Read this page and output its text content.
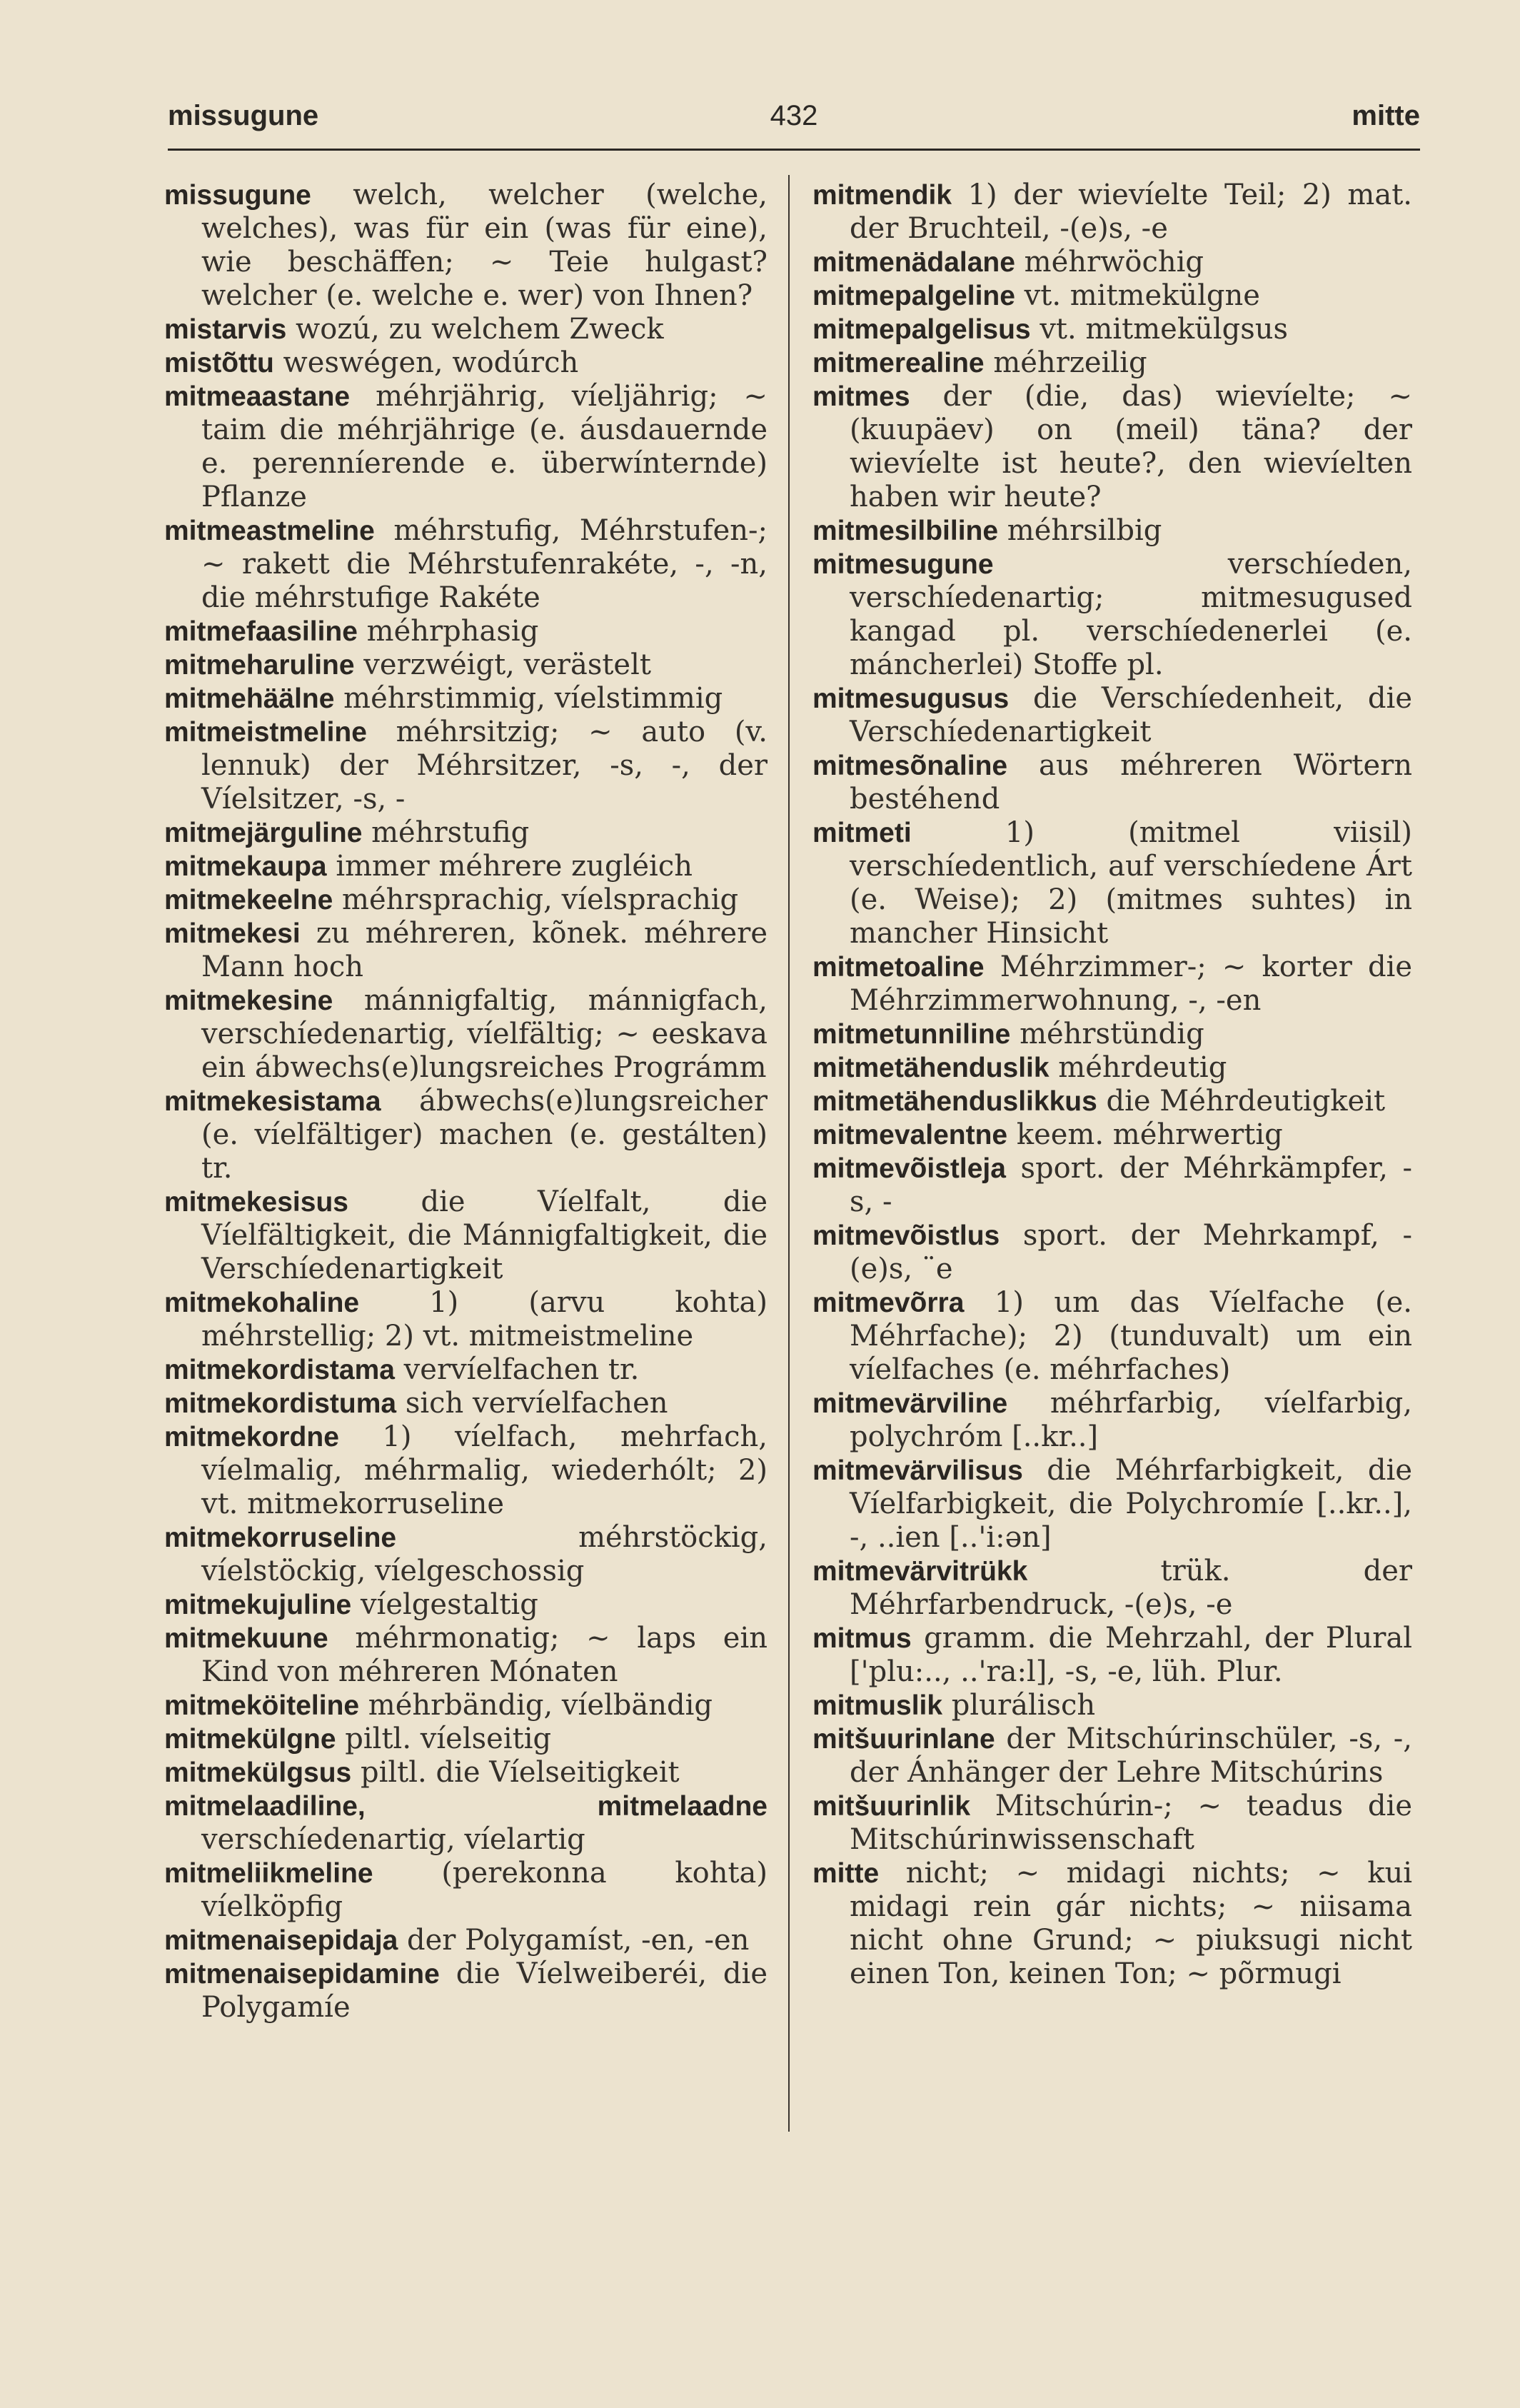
missugune	432	mitte

missugune welch, welcher (welche, welches), was für ein (was für eine), wie beschäffen; ~ Teie hulgast? welcher (e. welche e. wer) von Ihnen?

mistarvis wozú, zu welchem Zweck

mistõttu weswégen, wodúrch

mitmeaastane méhrjährig, víeljährig; ~ taim die méhrjährige (e. áusdauernde e. perenníerende e. überwínternde) Pflanze

mitmeastmeline méhrstufig, Méhrstufen-; ~ rakett die Méhrstufenrakéte, -, -n, die méhrstufige Rakéte

mitmefaasiline méhrphasig

mitmeharuline verzwéigt, verästelt

mitmehäälne méhrstimmig, víelstimmig

mitmeistmeline méhrsitzig; ~ auto (v. lennuk) der Méhrsitzer, -s, -, der Víelsitzer, -s, -

mitmejärguline méhrstufig

mitmekaupa immer méhrere zugléich

mitmekeelne méhrsprachig, víelsprachig

mitmekesi zu méhreren, kõnek. méhrere Mann hoch

mitmekesine mánnigfaltig, mánnigfach, verschíedenartig, víelfältig; ~ eeskava ein ábwechs(e)lungsreiches Prográmm

mitmekesistama ábwechs(e)lungsreicher (e. víelfältiger) machen (e. gestálten) tr.

mitmekesisus	die Víelfalt, die Víelfältigkeit, die Mánnigfaltigkeit, die Verschíedenartigkeit

mitmekohaline 1) (arvu kohta) méhrstellig; 2) vt. mitmeistmeline

mitmekordistama vervíelfachen tr.

mitmekordistuma sich vervíelfachen

mitmekordne 1) víelfach, mehrfach, víelmalig, méhrmalig, wiederhólt; 2) vt. mitmekorruseline

mitmekorruseline	méhrstöckig, víelstöckig, víelgeschossig

mitmekujuline víelgestaltig

mitmekuune méhrmonatig; ~ laps ein Kind von méhreren Mónaten

mitmeköiteline méhrbändig, víelbändig

mitmekülgne piltl. víelseitig

mitmekülgsus piltl. die Víelseitigkeit

mitmelaadiline, mitmelaadne verschíedenartig, víelartig

mitmeliikmeline (perekonna kohta) víelköpfig

mitmenaisepidaja der Polygamíst, -en, -en

mitmenaisepidamine die Víelweiberéi, die Polygamíe

mitmendik 1) der wievíelte Teil; 2) mat. der Bruchteil, -(e)s, -e

mitmenädalane méhrwöchig

mitmepalgeline vt. mitmekülgne

mitmepalgelisus vt. mitmekülgsus

mitmerealine méhrzeilig

mitmes der (die, das) wievíelte; ~ (kuupäev) on (meil) täna? der wievíelte ist heute?, den wievíelten haben wir heute?

mitmesilbiline méhrsilbig

mitmesugune	verschíeden, verschíedenartig; mitmesugused kangad pl. verschíedenerlei (e. máncherlei) Stoffe pl.

mitmesugusus die Verschíedenheit, die Verschíedenartigkeit

mitmesõnaline aus méhreren Wörtern bestéhend

mitmeti	1) (mitmel viisil) verschíedentlich, auf verschíedene Árt (e. Weise); 2) (mitmes suhtes) in mancher Hinsicht

mitmetoaline Méhrzimmer-; ~ korter die Méhrzimmerwohnung, -, -en

mitmetunniline méhrstündig

mitmetähenduslik méhrdeutig

mitmetähenduslikkus die Méhrdeutigkeit

mitmevalentne keem. méhrwertig

mitmevõistleja sport. der Méhrkämpfer, -s, -

mitmevõistlus sport. der Mehrkampf, -(e)s, ¨e

mitmevõrra 1) um das Víelfache (e. Méhrfache); 2) (tunduvalt) um ein víelfaches (e. méhrfaches)

mitmevärviline méhrfarbig, víelfarbig, polychróm [..kr..]

mitmevärvilisus die Méhrfarbigkeit, die Víelfarbigkeit, die Polychromíe [..kr..], -, ..ien [..'i:ən]

mitmevärvitrükk	trük. der Méhrfarbendruck, -(e)s, -e

mitmus gramm. die Mehrzahl, der Plural ['plu:.., ..'ra:l], -s, -e, lüh. Plur.

mitmuslik plurálisch

mitšuurinlane der Mitschúrinschüler, -s, -, der Ánhänger der Lehre Mitschúrins

mitšuurinlik Mitschúrin-; ~ teadus die Mitschúrinwissenschaft

mitte nicht; ~ midagi nichts; ~ kui midagi rein gár nichts; ~ niisama nicht ohne Grund; ~ piuksugi nicht einen Ton, keinen Ton; ~ põrmugi
